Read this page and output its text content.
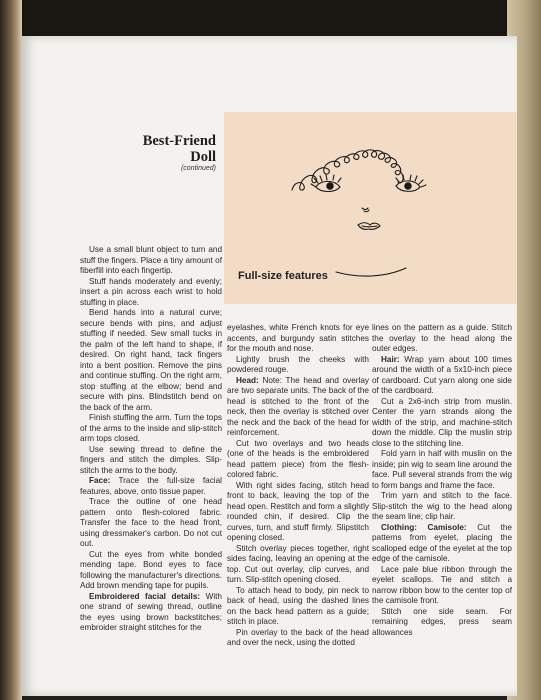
Full-size features
Best-Friend
Doll
(continued)

Use a small blunt object to turn and stuff the fingers. Place a tiny amount of fiberfill into each fingertip.

Stuff hands moderately and evenly; insert a pin across each wrist to hold stuffing in place.

Bend hands into a natural curve; secure bends with pins, and adjust stuffing if needed. Sew small tucks in the palm of the left hand to shape, if desired. On right hand, tack fingers into a bent position. Remove the pins and continue stuffing. On the right arm, stop stuffing at the elbow; bend and secure with pins. Blindstitch bend on the back of the arm.

Finish stuffing the arm. Turn the tops of the arms to the inside and slip-stitch arm tops closed.

Use sewing thread to define the fingers and stitch the dimples. Slip-stitch the arms to the body.

Face: Trace the full-size facial features, above, onto tissue paper.

Trace the outline of one head pattern onto flesh-colored fabric. Transfer the face to the head front, using dressmaker's carbon. Do not cut out.

Cut the eyes from white bonded mending tape. Bond eyes to face following the manufacturer's directions. Add brown mending tape for pupils.

Embroidered facial details: With one strand of sewing thread, outline the eyes using brown backstitches; embroider straight stitches for the

eyelashes, white French knots for eye accents, and burgundy satin stitches for the mouth and nose.

Lightly brush the cheeks with powdered rouge.

Head: Note: The head and overlay are two separate units. The back of the head is stitched to the front of the neck, then the overlay is stitched over the neck and the back of the head for reinforcement.

Cut two overlays and two heads (one of the heads is the embroidered head pattern piece) from the flesh-colored fabric.

With right sides facing, stitch head front to back, leaving the top of the head open. Restitch and form a slightly rounded chin, if desired. Clip the curves, turn, and stuff firmly. Slipstitch opening closed.

Stitch overlay pieces together, right sides facing, leaving an opening at the top. Cut out overlay, clip curves, and turn. Slip-stitch opening closed.

To attach head to body, pin neck to back of head, using the dashed lines on the back head pattern as a guide; stitch in place.

Pin overlay to the back of the head and over the neck, using the dotted

lines on the pattern as a guide. Stitch the overlay to the head along the outer edges.

Hair: Wrap yarn about 100 times around the width of a 5x10-inch piece of cardboard. Cut yarn along one side of the cardboard.

Cut a 2x6-inch strip from muslin. Center the yarn strands along the width of the strip, and machine-stitch down the middle. Clip the muslin strip close to the stitching line.

Fold yarn in half with muslin on the inside; pin wig to seam line around the face. Pull several strands from the wig to form bangs and frame the face.

Trim yarn and stitch to the face. Slip-stitch the wig to the head along the seam line; clip hair.

Clothing: Camisole: Cut the patterns from eyelet, placing the scalloped edge of the eyelet at the top edge of the camisole.

Lace pale blue ribbon through the eyelet scallops. Tie and stitch a narrow ribbon bow to the center top of the camisole front.

Stitch one side seam. For remaining edges, press seam allowances
